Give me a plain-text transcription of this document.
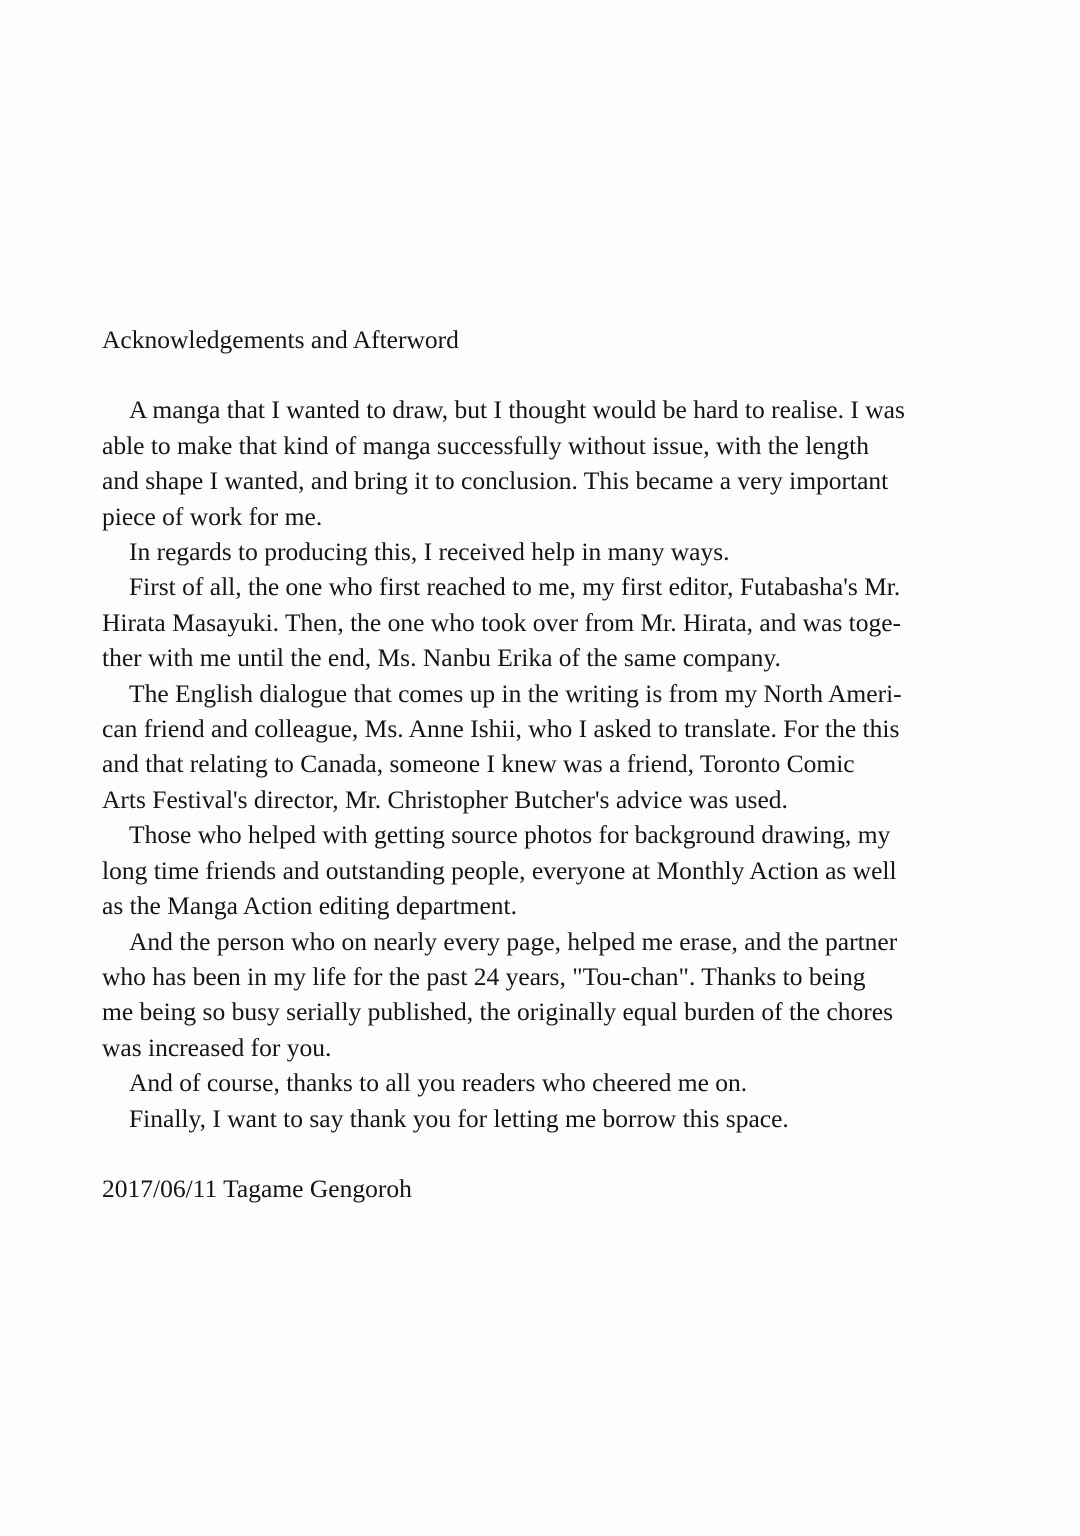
Acknowledgements and Afterword

A manga that I wanted to draw, but I thought would be hard to realise. I was
able to make that kind of manga successfully without issue, with the length
and shape I wanted, and bring it to conclusion. This became a very important
piece of work for me.

In regards to producing this, I received help in many ways.

First of all, the one who first reached to me, my first editor, Futabasha's Mr.
Hirata Masayuki. Then, the one who took over from Mr. Hirata, and was toge-
ther with me until the end, Ms. Nanbu Erika of the same company.

The English dialogue that comes up in the writing is from my North Ameri-
can friend and colleague, Ms. Anne Ishii, who I asked to translate. For the this
and that relating to Canada, someone I knew was a friend, Toronto Comic
Arts Festival's director, Mr. Christopher Butcher's advice was used.

Those who helped with getting source photos for background drawing, my
long time friends and outstanding people, everyone at Monthly Action as well
as the Manga Action editing department.

And the person who on nearly every page, helped me erase, and the partner
who has been in my life for the past 24 years, "Tou-chan". Thanks to being
me being so busy serially published, the originally equal burden of the chores
was increased for you.

And of course, thanks to all you readers who cheered me on.

Finally, I want to say thank you for letting me borrow this space.

2017/06/11 Tagame Gengoroh
